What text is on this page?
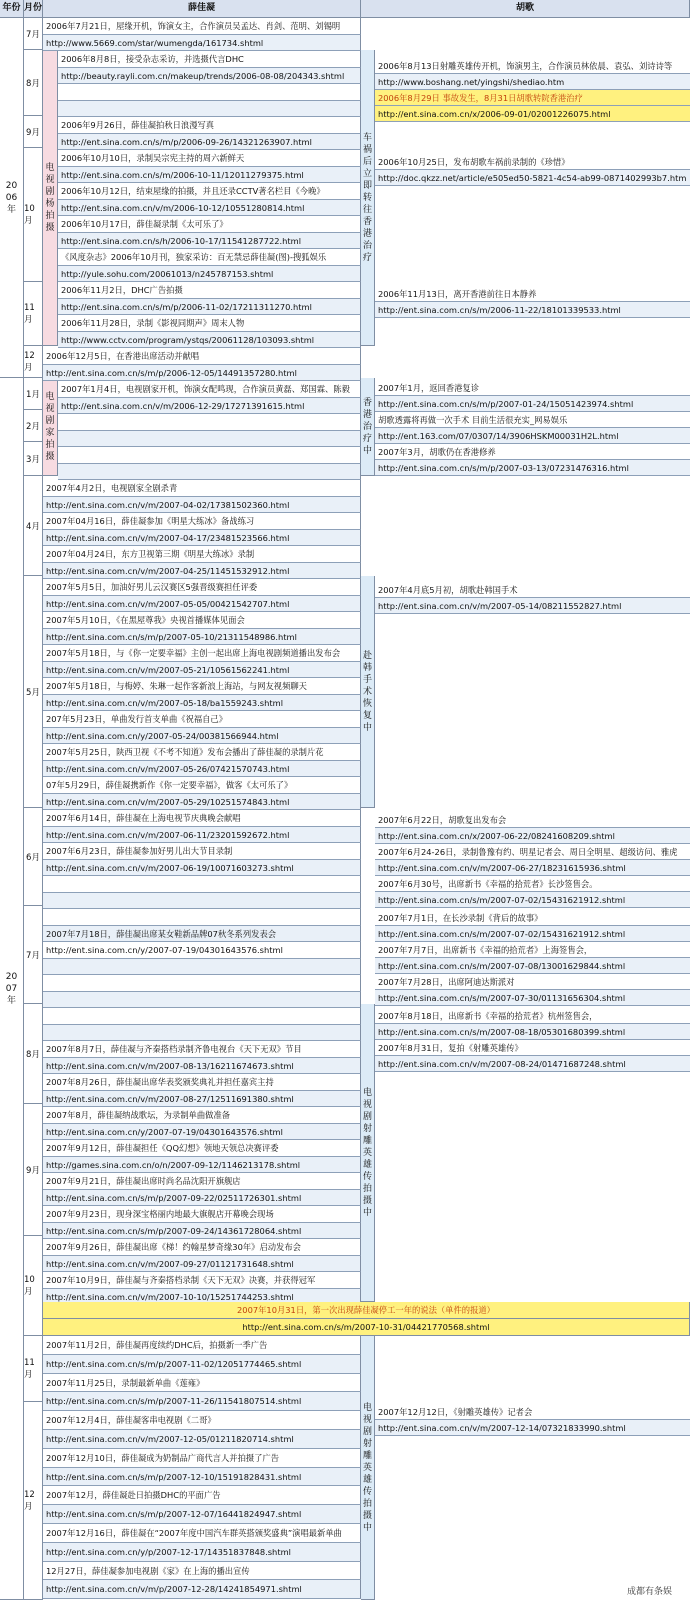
年份 月份	薛佳凝	胡歌
2006年
2007年
7月
8月
9月
10月
11月
12月
1月
2月
3月
4月
5月
6月
7月
8月
9月
10月
11月
12月
电视剧杨拍摄
电视剧家拍摄
车祸后立即转往香港治疗
香港治疗中
赴韩手术恢复中
电视剧射雕英雄传拍摄中
电视剧射雕英雄传拍摄中
2006年7月21日，屋缘开机，饰演女主，合作演员吴孟达、肖剑、范明、刘锡明
http://www.5669.com/star/wumengda/161734.shtml
2006年8月8日，接受杂志采访，并选摄代言DHC
http://beauty.rayli.com.cn/makeup/trends/2006-08-08/204343.shtml
2006年9月26日，薛佳凝拍秋日浪漫写真
http://ent.sina.com.cn/s/m/p/2006-09-26/14321263907.html
2006年10月10日，录制吴宗宪主持的周六新鲜天
http://ent.sina.com.cn/s/m/2006-10-11/12011279375.html
2006年10月12日，结束屋缘的拍摄，并且还录CCTV著名栏目《今晚》
http://ent.sina.com.cn/v/m/2006-10-12/10551280814.html
2006年10月17日，薛佳凝录制《太可乐了》
http://ent.sina.com.cn/s/h/2006-10-17/11541287722.html
《风度杂志》2006年10月刊，独家采访：百无禁忌薛佳凝(图)-搜狐娱乐
http://yule.sohu.com/20061013/n245787153.shtml
2006年11月2日，DHC广告拍摄
http://ent.sina.com.cn/s/m/p/2006-11-02/17211311270.html
2006年11月28日，录制《影视同期声》周末人物
http://www.cctv.com/program/ystqs/20061128/103093.shtml
2006年12月5日，在香港出席活动并献唱
http://ent.sina.com.cn/s/m/p/2006-12-05/14491357280.html
2007年1月4日，电视剧家开机，饰演女配鸣现，合作演员黄磊、郑国霖、陈毅
http://ent.sina.com.cn/v/m/2006-12-29/17271391615.html
2007年4月2日，电视剧家全剧杀青
http://ent.sina.com.cn/v/m/2007-04-02/17381502360.html
2007年04月16日，薛佳凝参加《明星大练冰》备战练习
http://ent.sina.com.cn/v/m/2007-04-17/23481523566.html
2007年04月24日，东方卫视第三期《明星大练冰》录制
http://ent.sina.com.cn/v/m/2007-04-25/11451532912.html
2007年5月5日，加油好男儿云汉赛区5强晋级赛担任评委
http://ent.sina.com.cn/v/m/2007-05-05/00421542707.html
2007年5月10日，《在黑屋尊我》央视首播媒体见面会
http://ent.sina.com.cn/s/m/p/2007-05-10/21311548986.html
2007年5月18日，与《你一定要幸福》主创一起出席上海电视剧频道播出发布会
http://ent.sina.com.cn/v/m/2007-05-21/10561562241.html
2007年5月18日，与梅婷、朱琳一起作客新浪上海站，与网友视频聊天
http://ent.sina.com.cn/v/m/2007-05-18/ba1559243.shtml
207年5月23日，单曲发行首支单曲《祝福自己》
http://ent.sina.com.cn/y/2007-05-24/00381566944.html
2007年5月25日，陕西卫视《不考不知道》发布会播出了薛佳凝的录制片花
http://ent.sina.com.cn/v/m/2007-05-26/07421570743.html
07年5月29日，薛佳凝携新作《你一定要幸福》，做客《太可乐了》
http://ent.sina.com.cn/v/m/2007-05-29/10251574843.html
2007年6月14日，薛佳凝在上海电视节庆典晚会献唱
http://ent.sina.com.cn/v/m/2007-06-11/23201592672.html
2007年6月23日，薛佳凝参加好男儿出大节目录制
http://ent.sina.com.cn/v/m/2007-06-19/10071603273.shtml
2007年7月18日，薛佳凝出席某女鞋新品牌07秋冬系列发表会
http://ent.sina.com.cn/y/2007-07-19/04301643576.shtml
2007年8月7日，薛佳凝与齐秦搭档录制齐鲁电视台《天下无双》节目
http://ent.sina.com.cn/v/m/2007-08-13/16211674673.shtml
2007年8月26日，薛佳凝出席华表奖颁奖典礼并担任嘉宾主持
http://ent.sina.com.cn/v/m/2007-08-27/12511691380.shtml
2007年8月，薛佳凝纳战歌坛，为录制单曲做准备
http://ent.sina.com.cn/y/2007-07-19/04301643576.shtml
2007年9月12日，薛佳凝担任《QQ幻想》领地天领总决赛评委
http://games.sina.com.cn/o/n/2007-09-12/1146213178.shtml
2007年9月21日，薛佳凝出席时尚名品沈阳开旗舰店
http://ent.sina.com.cn/s/m/p/2007-09-22/02511726301.shtml
2007年9月23日，现身深宝格丽内地最大旗舰店开幕晚会现场
http://ent.sina.com.cn/s/m/p/2007-09-24/14361728064.shtml
2007年9月26日，薛佳凝出席《梯！约翰星梦奇缘30年》启动发布会
http://ent.sina.com.cn/v/m/2007-09-27/01121731648.shtml
2007年10月9日，薛佳凝与齐秦搭档录制《天下无双》决赛，并获得冠军
http://ent.sina.com.cn/v/m/2007-10-10/15251744253.shtml
2007年11月2日，薛佳凝再度续约DHC后，拍摄新一季广告
http://ent.sina.com.cn/s/m/p/2007-11-02/12051774465.shtml
2007年11月25日，录制最新单曲《莲雍》
http://ent.sina.com.cn/s/m/p/2007-11-26/11541807514.shtml
2007年12月4日，薛佳凝客串电视剧《二哥》
http://ent.sina.com.cn/v/m/2007-12-05/01211820714.shtml
2007年12月10日，薛佳凝成为奶制品广商代言人并拍摄了广告
http://ent.sina.com.cn/s/m/p/2007-12-10/15191828431.shtml
2007年12月，薛佳凝赴日拍摄DHC的平面广告
http://ent.sina.com.cn/s/m/p/2007-12-07/16441824947.shtml
2007年12月16日，薛佳凝在“2007年度中国汽车群英搭颁奖盛典”演唱最新单曲
http://ent.sina.com.cn/y/p/2007-12-17/14351837848.shtml
12月27日，薛佳凝参加电视剧《家》在上海的播出宣传
http://ent.sina.com.cn/v/m/p/2007-12-28/14241854971.shtml
2006年8月13日射雕英雄传开机，饰演男主，合作演员林依晨、袁弘、刘诗诗等
http://www.boshang.net/yingshi/shediao.htm
2006年8月29日 事故发生，8月31日胡歌转院香港治疗
http://ent.sina.com.cn/x/2006-09-01/02001226075.html
2006年10月25日，发布胡歌车祸前录制的《珍惜》
http://doc.qkzz.net/article/e505ed50-5821-4c54-ab99-0871402993b7.htm
2006年11月13日，离开香港前往日本静养
http://ent.sina.com.cn/s/m/2006-11-22/18101339533.html
2007年1月，返回香港复诊
http://ent.sina.com.cn/s/m/p/2007-01-24/15051423974.shtml
胡歌透露将再做一次手术 目前生活很充实_网易娱乐
http://ent.163.com/07/0307/14/3906HSKM00031H2L.html
2007年3月，胡歌仍在香港修养
http://ent.sina.com.cn/s/m/p/2007-03-13/07231476316.html
2007年4月底5月初，胡歌赴韩国手术
http://ent.sina.com.cn/v/m/2007-05-14/08211552827.html
2007年6月22日，胡歌复出发布会
http://ent.sina.com.cn/x/2007-06-22/08241608209.shtml
2007年6月24-26日，录制鲁豫有约、明星记者会、周日全明星、超级访问、雅虎
http://ent.sina.com.cn/v/m/2007-06-27/18231615936.shtml
2007年6月30号，出席新书《幸福的拾荒者》长沙签售会。
http://ent.sina.com.cn/s/m/2007-07-02/15431621912.shtml
2007年7月1日，在长沙录制《背后的故事》
http://ent.sina.com.cn/s/m/2007-07-02/15431621912.shtml
2007年7月7日，出席新书《幸福的拾荒者》上海签售会，
http://ent.sina.com.cn/s/m/2007-07-08/13001629844.shtml
2007年7月28日，出席阿迪达斯派对
http://ent.sina.com.cn/s/m/2007-07-30/01131656304.shtml
2007年8月18日，出席新书《幸福的拾荒者》杭州签售会，
http://ent.sina.com.cn/s/m/2007-08-18/05301680399.shtml
2007年8月31日，复拍《射雕英雄传》
http://ent.sina.com.cn/v/m/2007-08-24/01471687248.shtml
2007年12月12日，《射雕英雄传》记者会
http://ent.sina.com.cn/v/m/2007-12-14/07321833990.shtml
2007年10月31日，第一次出现薛佳凝停工一年的说法（单件的报道）
http://ent.sina.com.cn/s/m/2007-10-31/04421770568.shtml
成都有条娱
